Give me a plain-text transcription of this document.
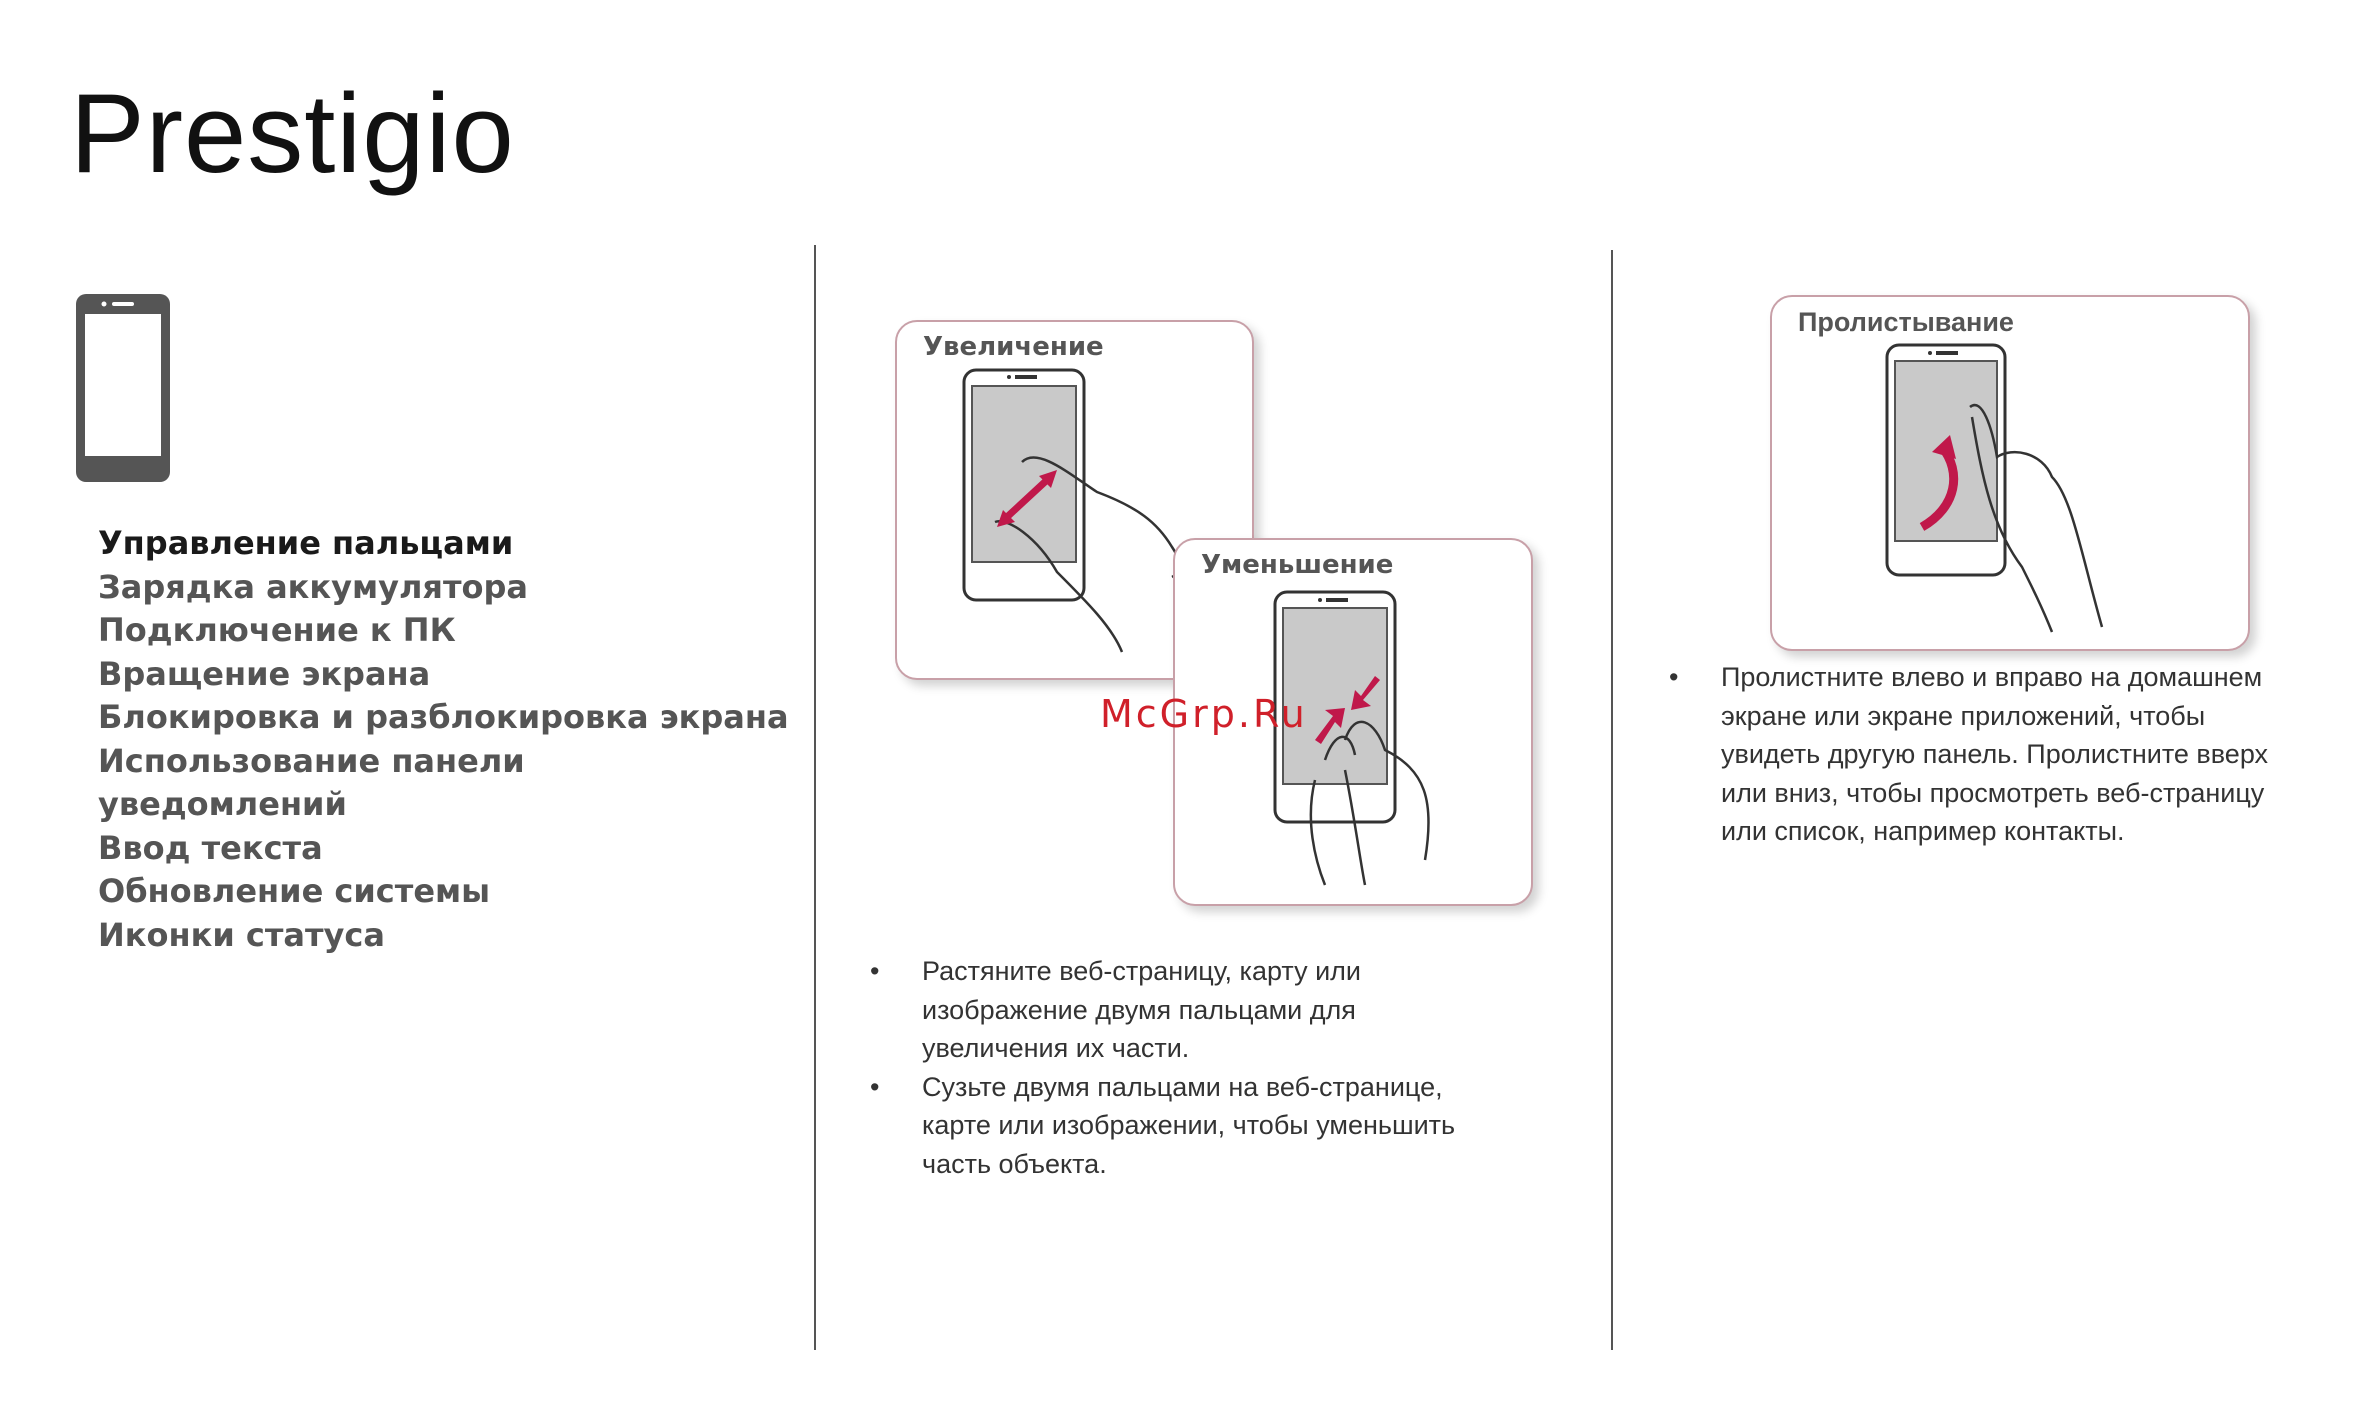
Prestigio
Управление пальцами
Зарядка аккумулятора
Подключение к ПК
Вращение экрана
Блокировка и разблокировка экрана
Использование панели
уведомлений
Ввод текста
Обновление системы
Иконки статуса
Увеличение
Уменьшение
McGrp.Ru
• Растяните веб-страницу, карту или
изображение двумя пальцами для
увеличения их части.
• Сузьте двумя пальцами на веб-странице,
карте или изображении, чтобы уменьшить
часть объекта.
Пролистывание
• Пролистните влево и вправо на домашнем
экране или экране приложений, чтобы
увидеть другую панель. Пролистните вверх
или вниз, чтобы просмотреть веб-страницу
или список, например контакты.
